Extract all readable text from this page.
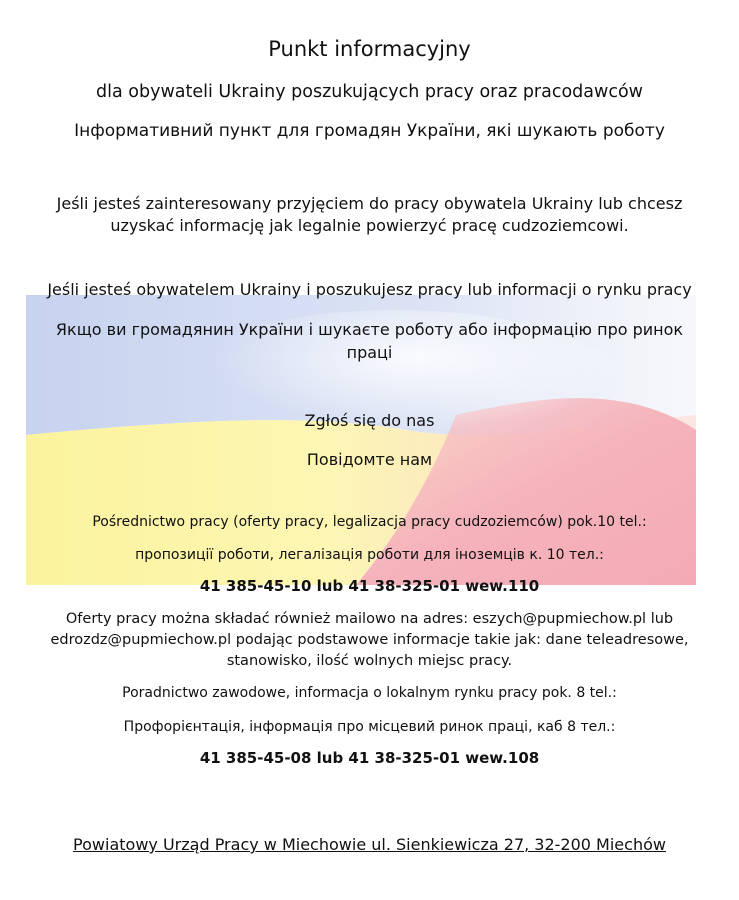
Punkt informacyjny
dla obywateli Ukrainy poszukujących pracy oraz pracodawców
Інформативний пункт для громадян України, які шукають роботу
Jeśli jesteś zainteresowany przyjęciem do pracy obywatela Ukrainy lub chcesz uzyskać informację jak legalnie powierzyć pracę cudzoziemcowi.
Jeśli jesteś obywatelem Ukrainy i poszukujesz pracy lub informacji o rynku pracy
Якщо ви громадянин України і шукаєте роботу або інформацію про ринок праці
Zgłoś się do nas
Повідомте нам
Pośrednictwo pracy (oferty pracy, legalizacja pracy cudzoziemców) pok.10 tel.:
пропозиції роботи, легалізація роботи для іноземців к. 10 тел.:
41 385-45-10 lub 41 38-325-01 wew.110
Oferty pracy można składać również mailowo na adres: eszych@pupmiechow.pl lub edrozdz@pupmiechow.pl podając podstawowe informacje takie jak: dane teleadresowe, stanowisko, ilość wolnych miejsc pracy.
Poradnictwo zawodowe, informacja o lokalnym rynku pracy pok. 8 tel.:
Профорієнтація, інформація про місцевий ринок праці, каб 8 тел.:
41 385-45-08 lub 41 38-325-01 wew.108
Powiatowy Urząd Pracy w Miechowie ul. Sienkiewicza 27, 32-200 Miechów
